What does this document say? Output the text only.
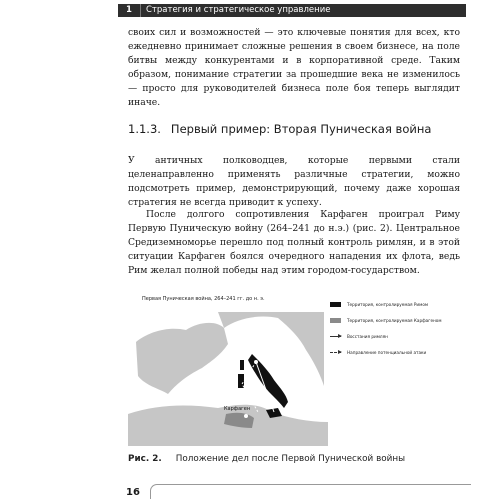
1	Стратегия и стратегическое управление

своих сил и возможностей — это ключевые понятия для всех, кто ежедневно принимает сложные решения в своем бизнесе, на поле битвы между конкурентами и в корпоративной среде. Таким образом, понимание стратегии за прошедшие века не изменилось — просто для руководителей бизнеса поле боя теперь выглядит иначе.

1.1.3. Первый пример: Вторая Пуническая война

У античных полководцев, которые первыми стали целенаправленно применять различные стратегии, можно подсмотреть пример, демонстрирующий, почему даже хорошая стратегия не всегда приводит к успеху.

После долгого сопротивления Карфаген проиграл Риму Первую Пуническую войну (264–241 до н.э.) (рис. 2). Центральное Средиземноморье перешло под полный контроль римлян, и в этой ситуации Карфаген боялся очередного нападения их флота, ведь Рим желал полной победы над этим городом-государством.

Первая Пуническая война, 264–241 гг. до н. э.
Рим
Карфаген
Территория, контролируемая Римом
Территория, контролируемая Карфагеном
Восстания римлян
Направление потенциальной атаки
Рис. 2. Положение дел после Первой Пунической войны
16
